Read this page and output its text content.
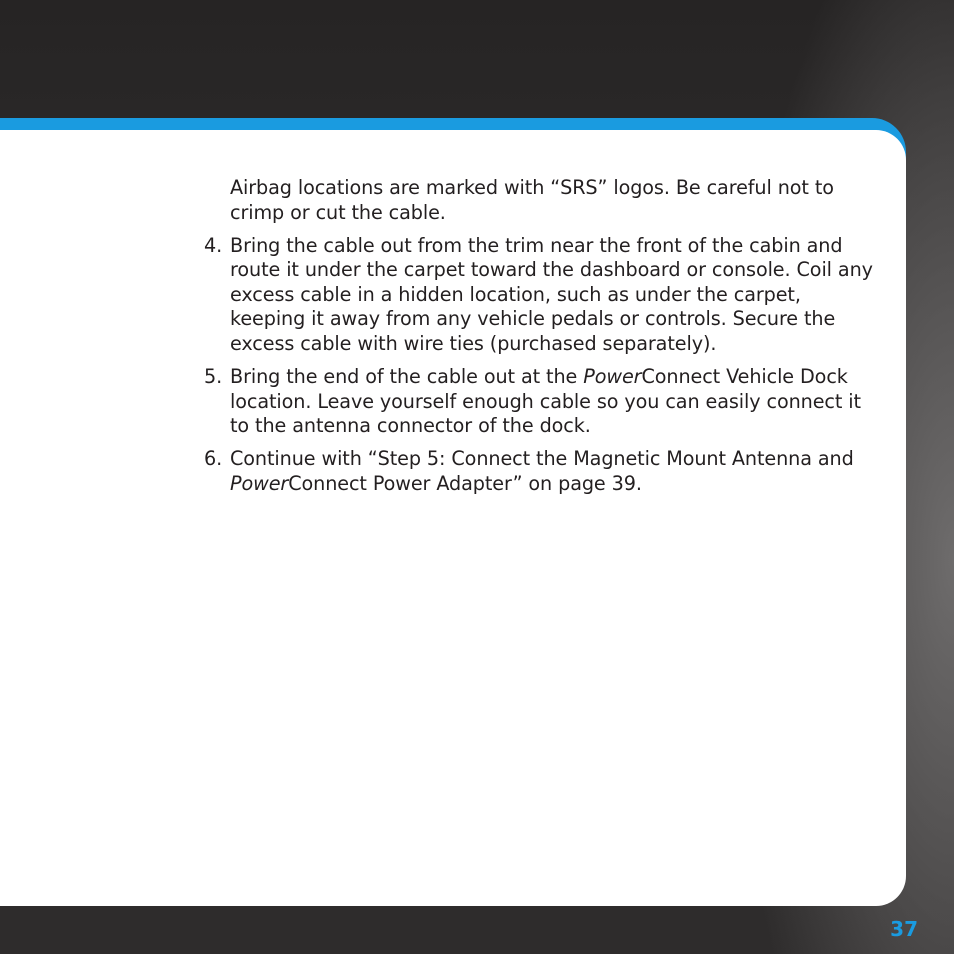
Airbag locations are marked with “SRS” logos. Be careful not to crimp or cut the cable.

4. Bring the cable out from the trim near the front of the cabin and route it under the carpet toward the dashboard or console. Coil any excess cable in a hidden location, such as under the carpet, keeping it away from any vehicle pedals or controls. Secure the excess cable with wire ties (purchased separately).

5. Bring the end of the cable out at the PowerConnect Vehicle Dock location. Leave yourself enough cable so you can easily connect it to the antenna connector of the dock.

6. Continue with “Step 5: Connect the Magnetic Mount Antenna and PowerConnect Power Adapter” on page 39.

37
